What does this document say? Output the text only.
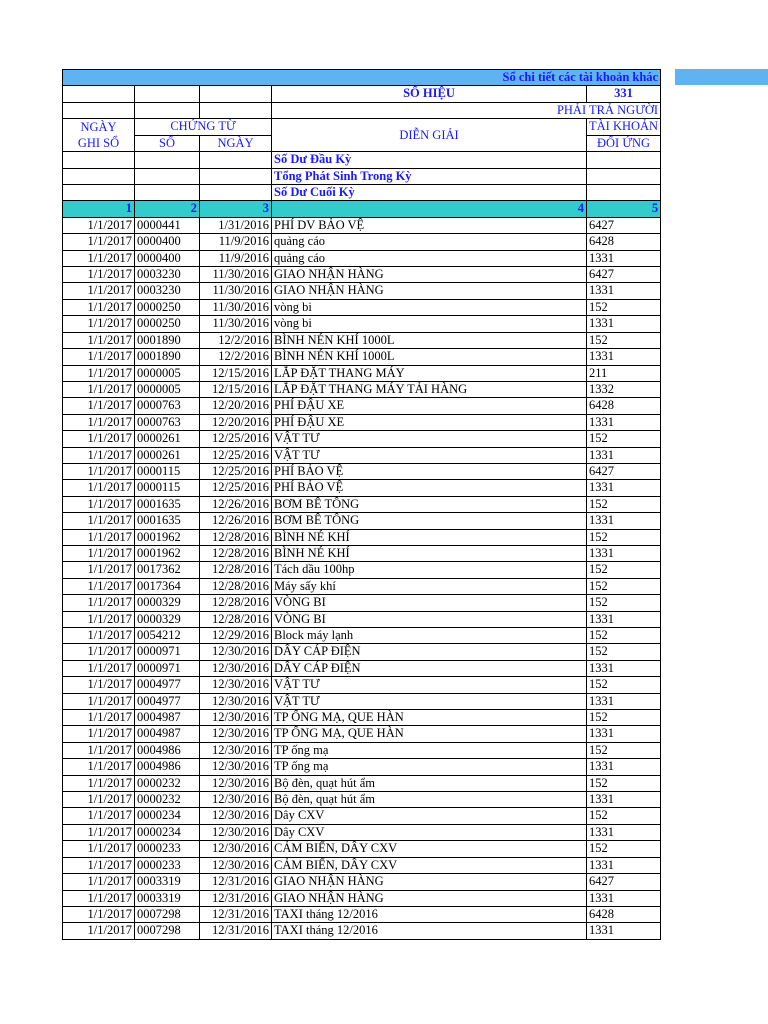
Sổ chi tiết các tài khoản khác				
			SỐ HIỆU	331
			PHẢI TRẢ NGƯỜI	
NGÀY
GHI SỔ	CHỨNG TỪ		DIỄN GIẢI	TÀI KHOẢN
	SỐ	NGÀY		ĐỐI ỨNG
			Số Dư Đầu Kỳ	
			Tổng Phát Sinh Trong Kỳ	
			Số Dư Cuối Kỳ	
1	2	3	4	5
1/1/2017	0000441	1/31/2016	PHÍ DV BẢO VỆ	6427
1/1/2017	0000400	11/9/2016	quảng cáo	6428
1/1/2017	0000400	11/9/2016	quảng cáo	1331
1/1/2017	0003230	11/30/2016	GIAO NHẬN HÀNG	6427
1/1/2017	0003230	11/30/2016	GIAO NHẬN HÀNG	1331
1/1/2017	0000250	11/30/2016	vòng bi	152
1/1/2017	0000250	11/30/2016	vòng bi	1331
1/1/2017	0001890	12/2/2016	BÌNH NÉN KHÍ 1000L	152
1/1/2017	0001890	12/2/2016	BÌNH NÉN KHÍ 1000L	1331
1/1/2017	0000005	12/15/2016	LẮP ĐẶT THANG MÁY	211
1/1/2017	0000005	12/15/2016	LẮP ĐẶT THANG MÁY TẢI HÀNG	1332
1/1/2017	0000763	12/20/2016	PHÍ ĐẬU XE	6428
1/1/2017	0000763	12/20/2016	PHÍ ĐẬU XE	1331
1/1/2017	0000261	12/25/2016	VẬT TƯ	152
1/1/2017	0000261	12/25/2016	VẬT TƯ	1331
1/1/2017	0000115	12/25/2016	PHÍ BẢO VỆ	6427
1/1/2017	0000115	12/25/2016	PHÍ BẢO VỆ	1331
1/1/2017	0001635	12/26/2016	BƠM BÊ TÔNG	152
1/1/2017	0001635	12/26/2016	BƠM BÊ TÔNG	1331
1/1/2017	0001962	12/28/2016	BÌNH NÉ KHÍ	152
1/1/2017	0001962	12/28/2016	BÌNH NÉ KHÍ	1331
1/1/2017	0017362	12/28/2016	Tách dầu 100hp	152
1/1/2017	0017364	12/28/2016	Máy sấy khí	152
1/1/2017	0000329	12/28/2016	VÒNG BI	152
1/1/2017	0000329	12/28/2016	VÒNG BI	1331
1/1/2017	0054212	12/29/2016	Block máy lạnh	152
1/1/2017	0000971	12/30/2016	DÂY CÁP ĐIỆN	152
1/1/2017	0000971	12/30/2016	DÂY CÁP ĐIỆN	1331
1/1/2017	0004977	12/30/2016	VẬT TƯ	152
1/1/2017	0004977	12/30/2016	VẬT TƯ	1331
1/1/2017	0004987	12/30/2016	TP ỐNG MẠ, QUE HÀN	152
1/1/2017	0004987	12/30/2016	TP ỐNG MẠ, QUE HÀN	1331
1/1/2017	0004986	12/30/2016	TP ống mạ	152
1/1/2017	0004986	12/30/2016	TP ống mạ	1331
1/1/2017	0000232	12/30/2016	Bộ đèn, quạt hút ẩm	152
1/1/2017	0000232	12/30/2016	Bộ đèn, quạt hút ẩm	1331
1/1/2017	0000234	12/30/2016	Dây CXV	152
1/1/2017	0000234	12/30/2016	Dây CXV	1331
1/1/2017	0000233	12/30/2016	CẢM BIẾN, DÂY CXV	152
1/1/2017	0000233	12/30/2016	CẢM BIẾN, DÂY CXV	1331
1/1/2017	0003319	12/31/2016	GIAO NHẬN HÀNG	6427
1/1/2017	0003319	12/31/2016	GIAO NHẬN HÀNG	1331
1/1/2017	0007298	12/31/2016	TAXI tháng 12/2016	6428
1/1/2017	0007298	12/31/2016	TAXI tháng 12/2016	1331
